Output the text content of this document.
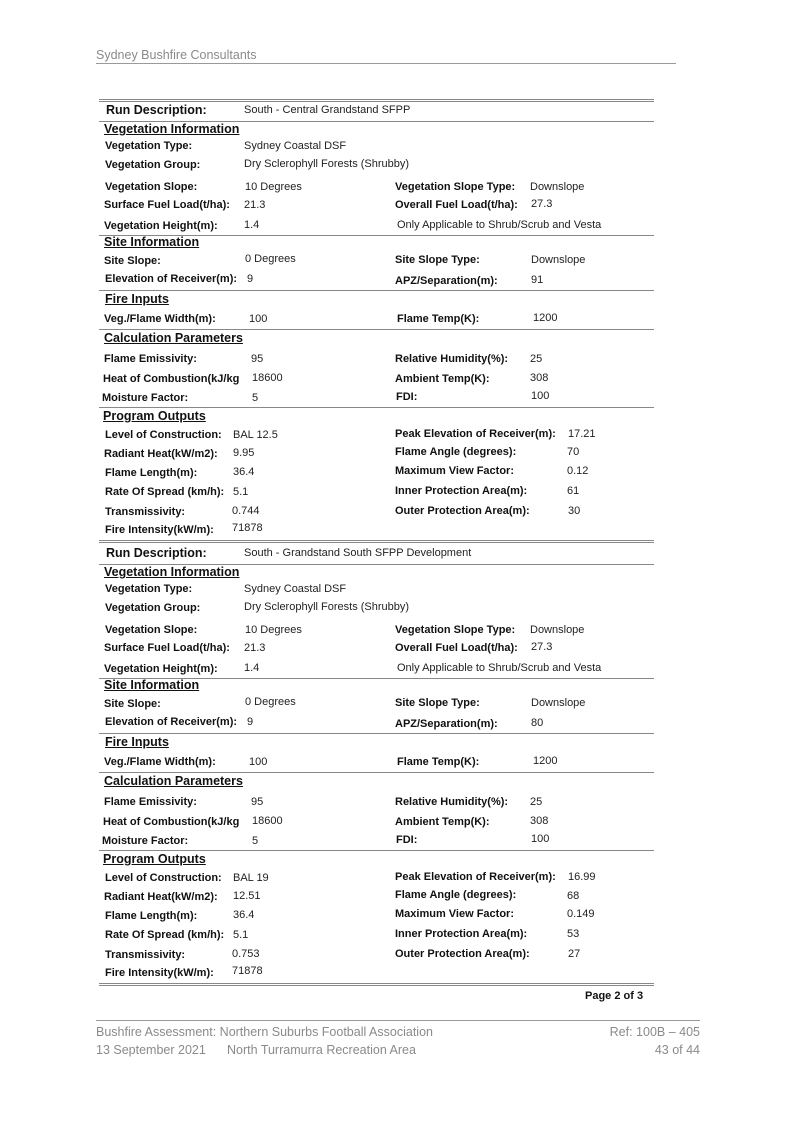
Sydney Bushfire Consultants
Run Description:	South - Central Grandstand SFPP
Vegetation Information
Vegetation Type:	Sydney Coastal DSF
Vegetation Group:	Dry Sclerophyll Forests (Shrubby)
Vegetation Slope:	10 Degrees	Vegetation Slope Type: Downslope
Surface Fuel Load(t/ha): 21.3	Overall Fuel Load(t/ha): 27.3
Vegetation Height(m): 1.4	Only Applicable to Shrub/Scrub and Vesta
Site Information
Site Slope:	0 Degrees	Site Slope Type:	Downslope
Elevation of Receiver(m): 9	APZ/Separation(m):	91
Fire Inputs
Veg./Flame Width(m):	100	Flame Temp(K):	1200
Calculation Parameters
Flame Emissivity:	95	Relative Humidity(%): 25
Heat of Combustion(kJ/kg 18600	Ambient Temp(K):	308
Moisture Factor:	5	FDI:	100
Program Outputs
Level of Construction: BAL 12.5	Peak Elevation of Receiver(m): 17.21
Radiant Heat(kW/m2): 9.95	Flame Angle (degrees):	70
Flame Length(m):	36.4	Maximum View Factor:	0.12
Rate Of Spread (km/h): 5.1	Inner Protection Area(m):	61
Transmissivity:	0.744	Outer Protection Area(m):	30
Fire Intensity(kW/m): 71878
Run Description:	South - Grandstand South SFPP Development
Vegetation Information
Vegetation Type:	Sydney Coastal DSF
Vegetation Group:	Dry Sclerophyll Forests (Shrubby)
Vegetation Slope:	10 Degrees	Vegetation Slope Type: Downslope
Surface Fuel Load(t/ha): 21.3	Overall Fuel Load(t/ha): 27.3
Vegetation Height(m): 1.4	Only Applicable to Shrub/Scrub and Vesta
Site Information
Site Slope:	0 Degrees	Site Slope Type:	Downslope
Elevation of Receiver(m): 9	APZ/Separation(m):	80
Fire Inputs
Veg./Flame Width(m):	100	Flame Temp(K):	1200
Calculation Parameters
Flame Emissivity:	95	Relative Humidity(%): 25
Heat of Combustion(kJ/kg 18600	Ambient Temp(K):	308
Moisture Factor:	5	FDI:	100
Program Outputs
Level of Construction: BAL 19	Peak Elevation of Receiver(m): 16.99
Radiant Heat(kW/m2): 12.51	Flame Angle (degrees):	68
Flame Length(m):	36.4	Maximum View Factor:	0.149
Rate Of Spread (km/h): 5.1	Inner Protection Area(m):	53
Transmissivity:	0.753	Outer Protection Area(m):	27
Fire Intensity(kW/m): 71878
Page 2 of 3
Bushfire Assessment: Northern Suburbs Football Association	Ref: 100B – 405
13 September 2021 North Turramurra Recreation Area	43 of 44
